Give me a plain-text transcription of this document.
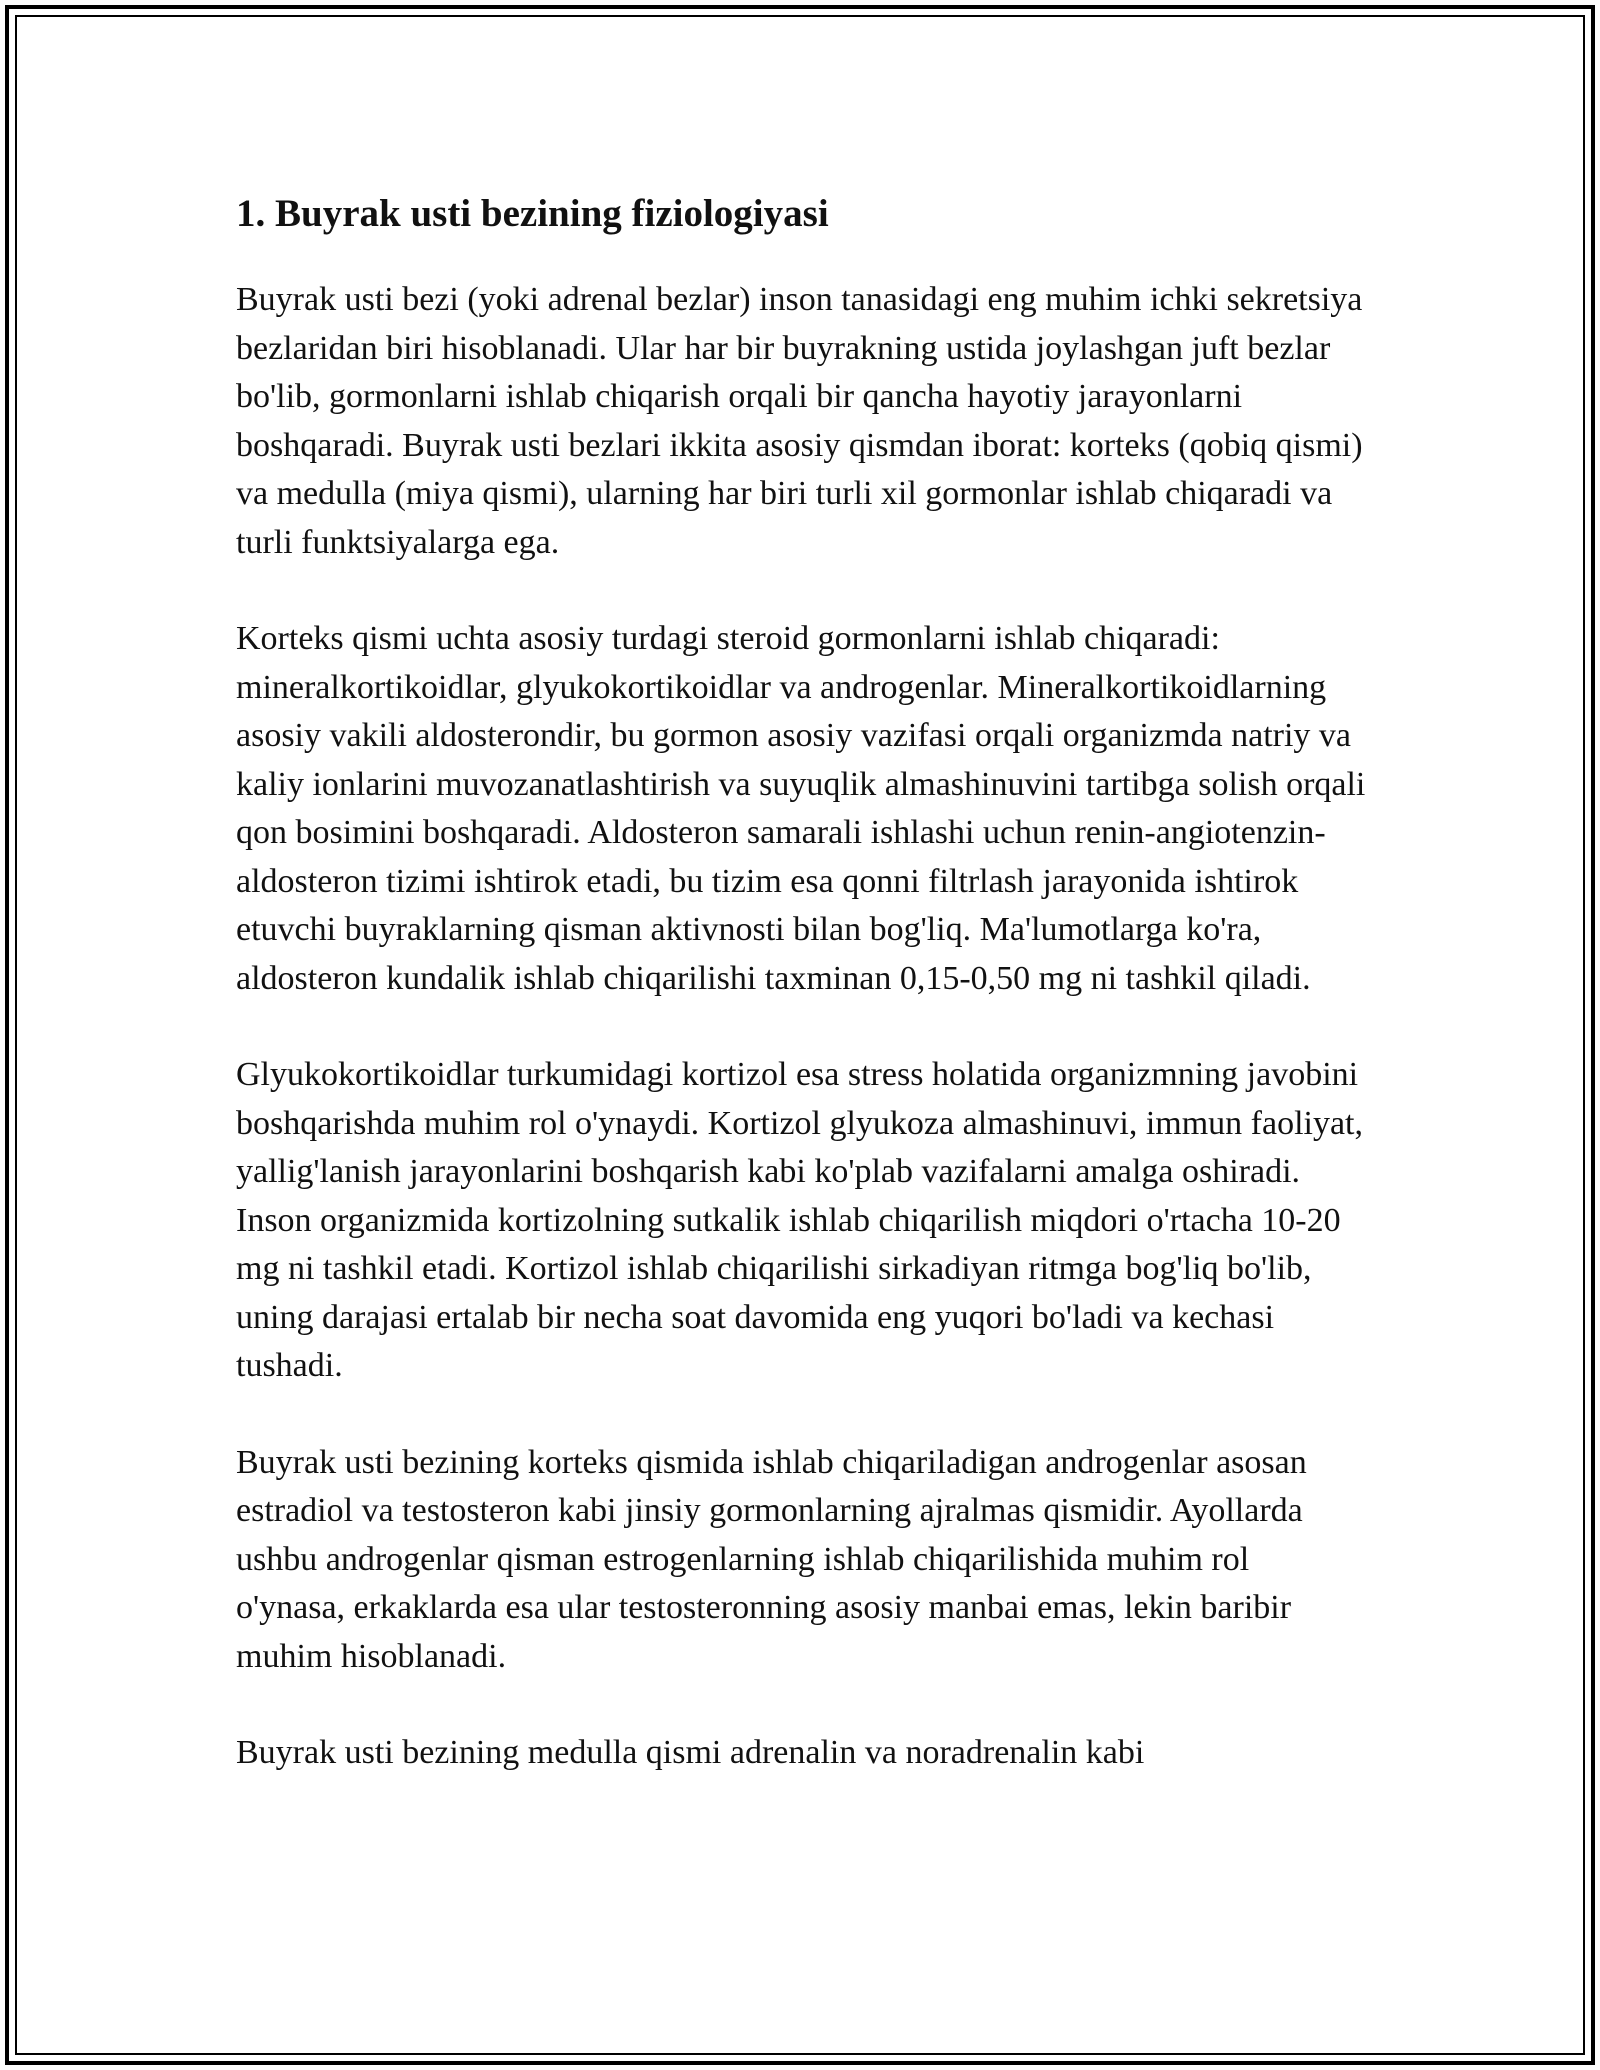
1. Buyrak usti bezining fiziologiyasi

Buyrak usti bezi (yoki adrenal bezlar) inson tanasidagi eng muhim ichki sekretsiya bezlaridan biri hisoblanadi. Ular har bir buyrakning ustida joylashgan juft bezlar bo'lib, gormonlarni ishlab chiqarish orqali bir qancha hayotiy jarayonlarni boshqaradi. Buyrak usti bezlari ikkita asosiy qismdan iborat: korteks (qobiq qismi) va medulla (miya qismi), ularning har biri turli xil gormonlar ishlab chiqaradi va turli funktsiyalarga ega.

Korteks qismi uchta asosiy turdagi steroid gormonlarni ishlab chiqaradi: mineralkortikoidlar, glyukokortikoidlar va androgenlar. Mineralkortikoidlarning asosiy vakili aldosterondir, bu gormon asosiy vazifasi orqali organizmda natriy va kaliy ionlarini muvozanatlashtirish va suyuqlik almashinuvini tartibga solish orqali qon bosimini boshqaradi. Aldosteron samarali ishlashi uchun renin-angiotenzin-aldosteron tizimi ishtirok etadi, bu tizim esa qonni filtrlash jarayonida ishtirok etuvchi buyraklarning qisman aktivnosti bilan bog'liq. Ma'lumotlarga ko'ra, aldosteron kundalik ishlab chiqarilishi taxminan 0,15-0,50 mg ni tashkil qiladi.

Glyukokortikoidlar turkumidagi kortizol esa stress holatida organizmning javobini boshqarishda muhim rol o'ynaydi. Kortizol glyukoza almashinuvi, immun faoliyat, yallig'lanish jarayonlarini boshqarish kabi ko'plab vazifalarni amalga oshiradi. Inson organizmida kortizolning sutkalik ishlab chiqarilish miqdori o'rtacha 10-20 mg ni tashkil etadi. Kortizol ishlab chiqarilishi sirkadiyan ritmga bog'liq bo'lib, uning darajasi ertalab bir necha soat davomida eng yuqori bo'ladi va kechasi tushadi.

Buyrak usti bezining korteks qismida ishlab chiqariladigan androgenlar asosan estradiol va testosteron kabi jinsiy gormonlarning ajralmas qismidir. Ayollarda ushbu androgenlar qisman estrogenlarning ishlab chiqarilishida muhim rol o'ynasa, erkaklarda esa ular testosteronning asosiy manbai emas, lekin baribir muhim hisoblanadi.

Buyrak usti bezining medulla qismi adrenalin va noradrenalin kabi
